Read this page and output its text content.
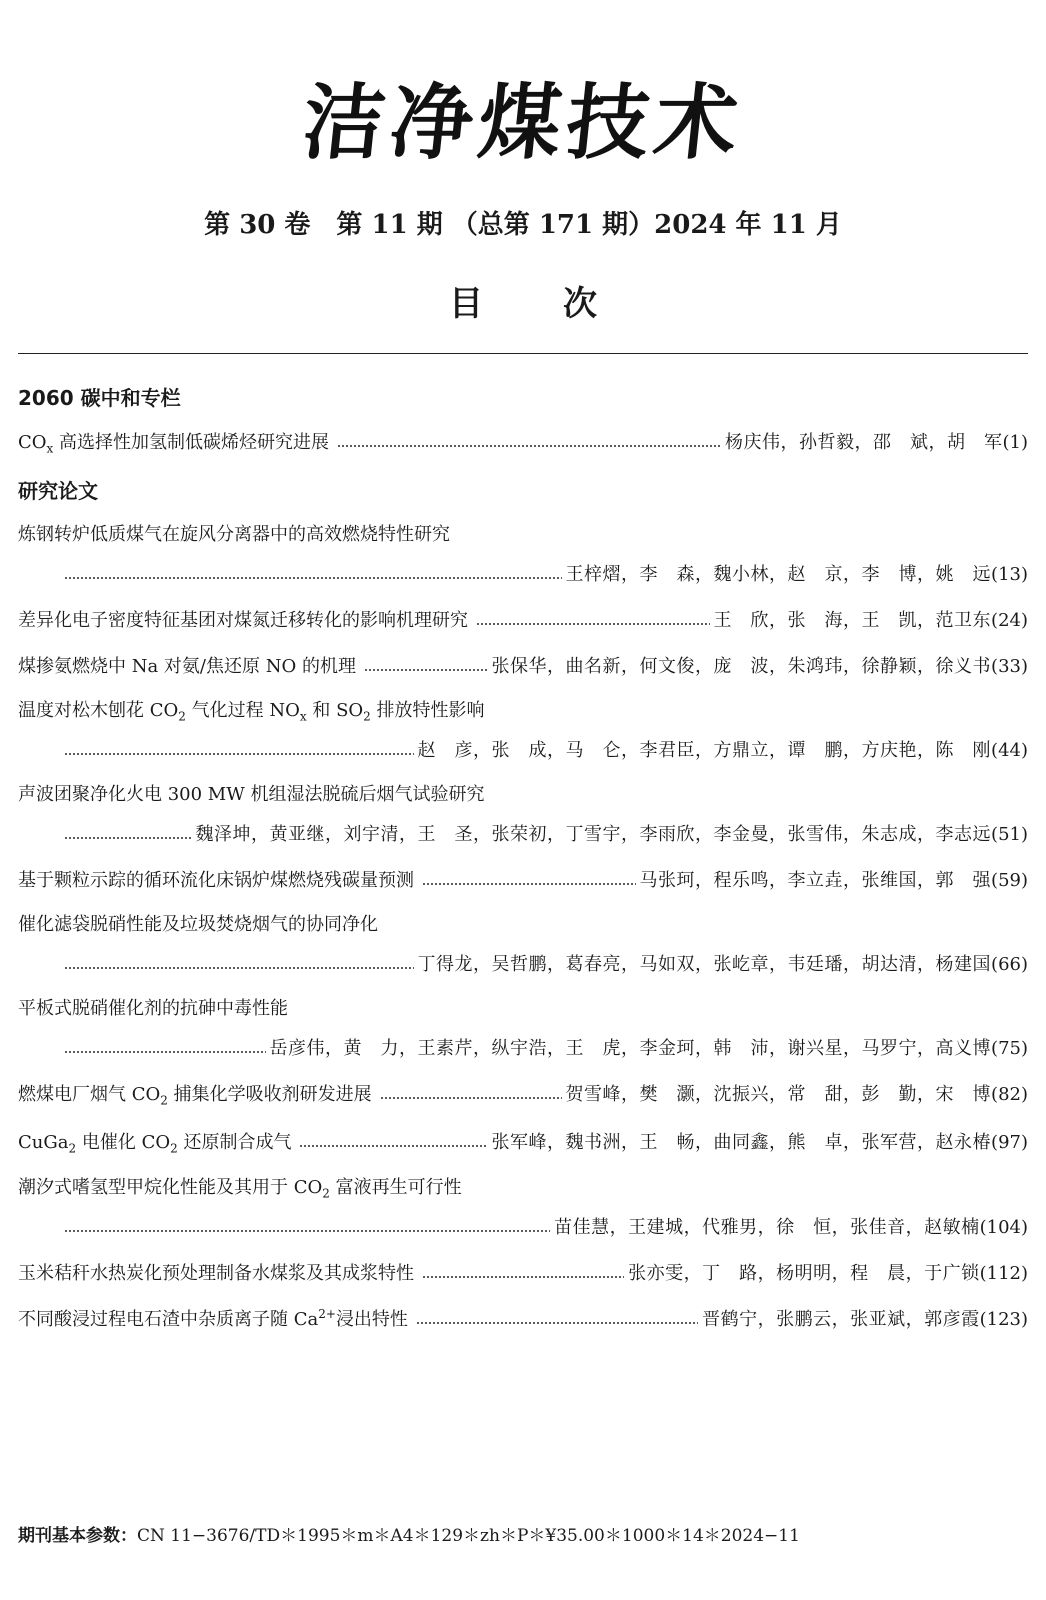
洁净煤技术
第 30 卷　第 11 期 （总第 171 期）2024 年 11 月
目次
2060 碳中和专栏
$CO_x$ 高选择性加氢制低碳烯烃研究进展	杨庆伟，孙哲毅，邵　斌，胡　军 (1)
研究论文
炼钢转炉低质煤气在旋风分离器中的高效燃烧特性研究
王梓熠，李　森，魏小林，赵　京，李　博，姚　远 (13)
差异化电子密度特征基团对煤氮迁移转化的影响机理研究	王　欣，张　海，王　凯，范卫东 (24)
煤掺氨燃烧中 Na 对氨/焦还原 NO 的机理	张保华，曲名新，何文俊，庞　波，朱鸿玮，徐静颖，徐义书 (33)
温度对松木刨花 $CO_2$ 气化过程 $NO_x$ 和 $SO_2$ 排放特性影响
赵　彦，张　成，马　仑，李君臣，方鼎立，谭　鹏，方庆艳，陈　刚 (44)
声波团聚净化火电 300 MW 机组湿法脱硫后烟气试验研究
魏泽坤，黄亚继，刘宇清，王　圣，张荣初，丁雪宇，李雨欣，李金曼，张雪伟，朱志成，李志远 (51)
基于颗粒示踪的循环流化床锅炉煤燃烧残碳量预测	马张珂，程乐鸣，李立垚，张维国，郭　强 (59)
催化滤袋脱硝性能及垃圾焚烧烟气的协同净化
丁得龙，吴哲鹏，葛春亮，马如双，张屹章，韦廷璠，胡达清，杨建国 (66)
平板式脱硝催化剂的抗砷中毒性能
岳彦伟，黄　力，王素芹，纵宇浩，王　虎，李金珂，韩　沛，谢兴星，马罗宁，高义博 (75)
燃煤电厂烟气 $CO_2$ 捕集化学吸收剂研发进展	贺雪峰，樊　灏，沈振兴，常　甜，彭　勤，宋　博 (82)
CuGa$_2$ 电催化 $CO_2$ 还原制合成气	张军峰，魏书洲，王　畅，曲同鑫，熊　卓，张军营，赵永椿 (97)
潮汐式嗜氢型甲烷化性能及其用于 $CO_2$ 富液再生可行性
苗佳慧，王建城，代雅男，徐　恒，张佳音，赵敏楠 (104)
玉米秸秆水热炭化预处理制备水煤浆及其成浆特性	张亦雯，丁　路，杨明明，程　晨，于广锁 (112)
不同酸浸过程电石渣中杂质离子随 $Ca^{2+}$浸出特性	晋鹤宁，张鹏云，张亚斌，郭彦霞 (123)
期刊基本参数：CN 11−3676/TD＊1995＊m＊A4＊129＊zh＊P＊¥35.00＊1000＊14＊2024−11
